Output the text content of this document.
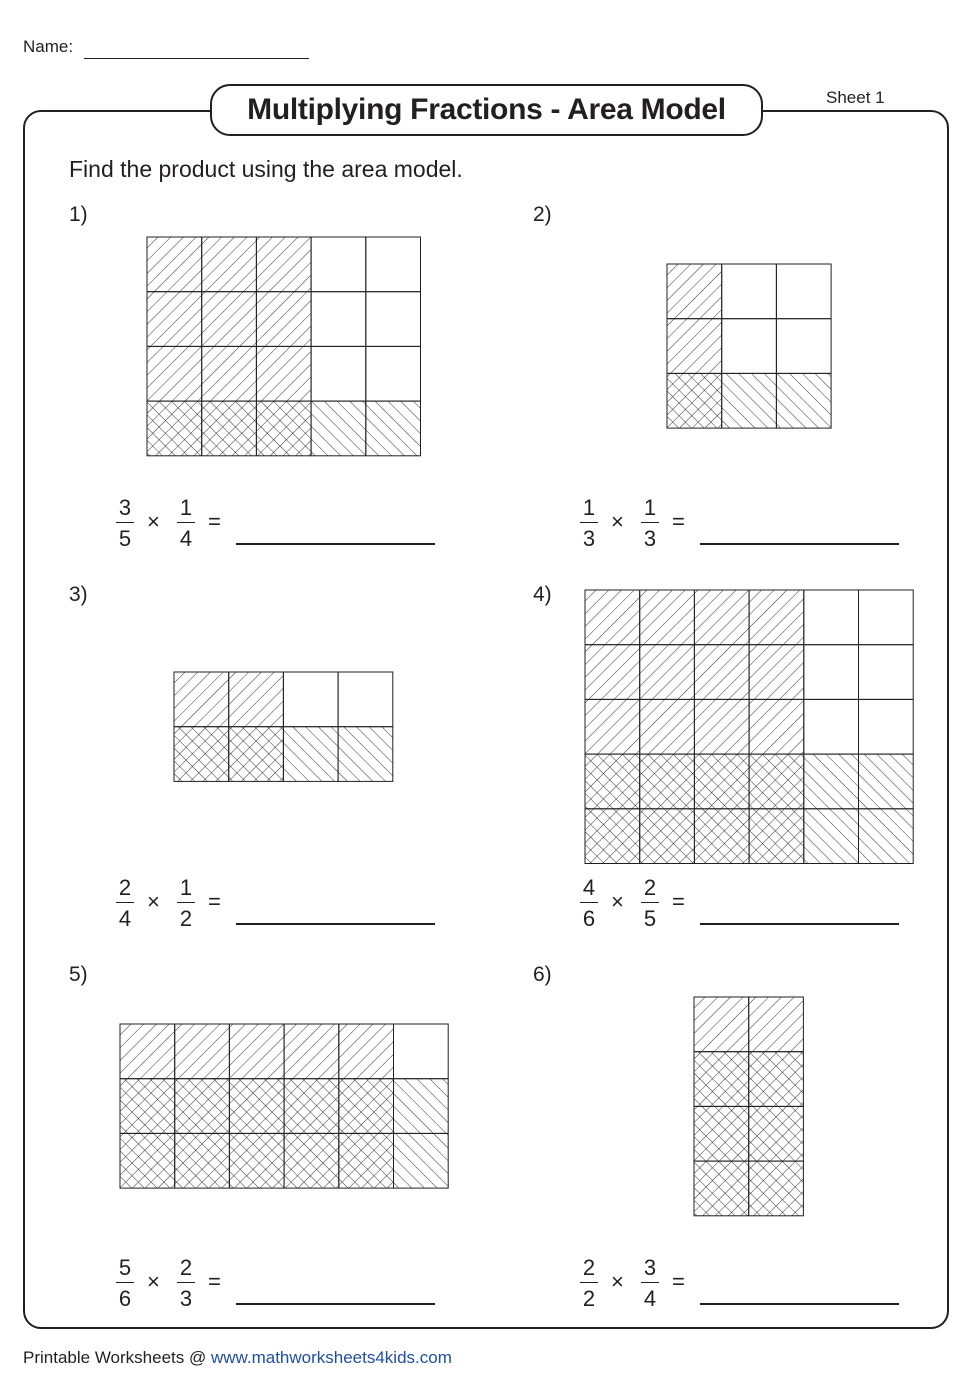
Name:
Multiplying Fractions - Area Model	Sheet 1
Find the product using the area model.
1)
3
5
×
1
4
=
2)
1
3
×
1
3
=
3)
2
4
×
1
2
=
4)
4
6
×
2
5
=
5)
5
6
×
2
3
=
6)
2
2
×
3
4
=
Printable Worksheets @ www.mathworksheets4kids.com
